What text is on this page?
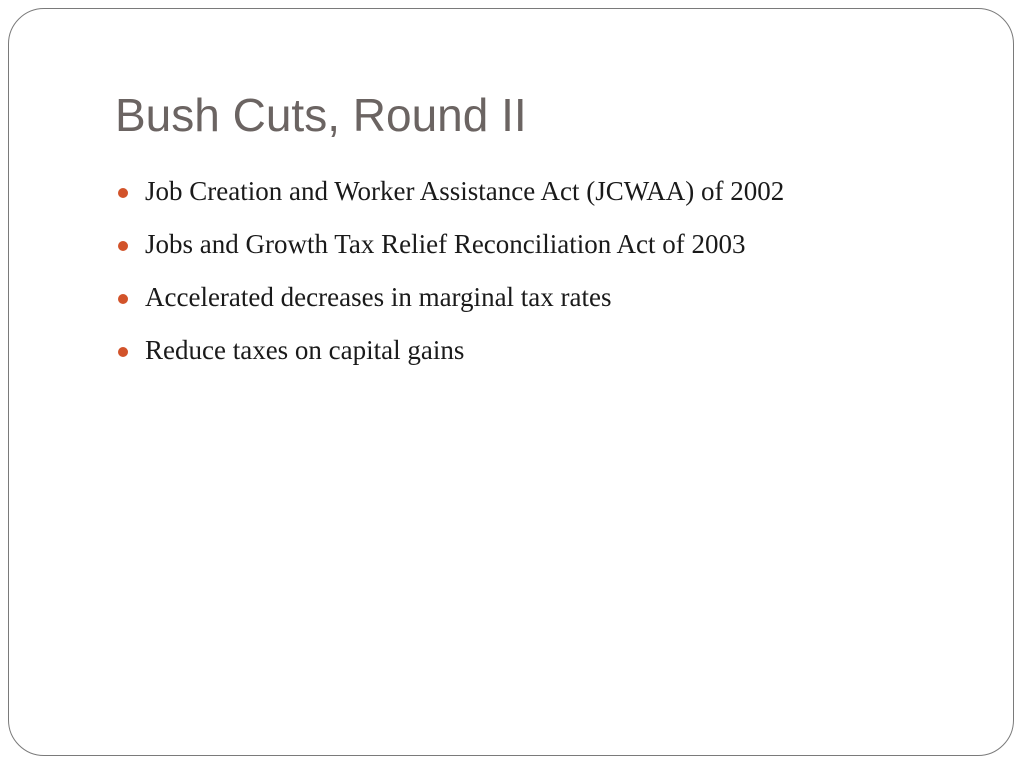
Bush Cuts, Round II
Job Creation and Worker Assistance Act (JCWAA) of 2002
Jobs and Growth Tax Relief Reconciliation Act of 2003
Accelerated decreases in marginal tax rates
Reduce taxes on capital gains
